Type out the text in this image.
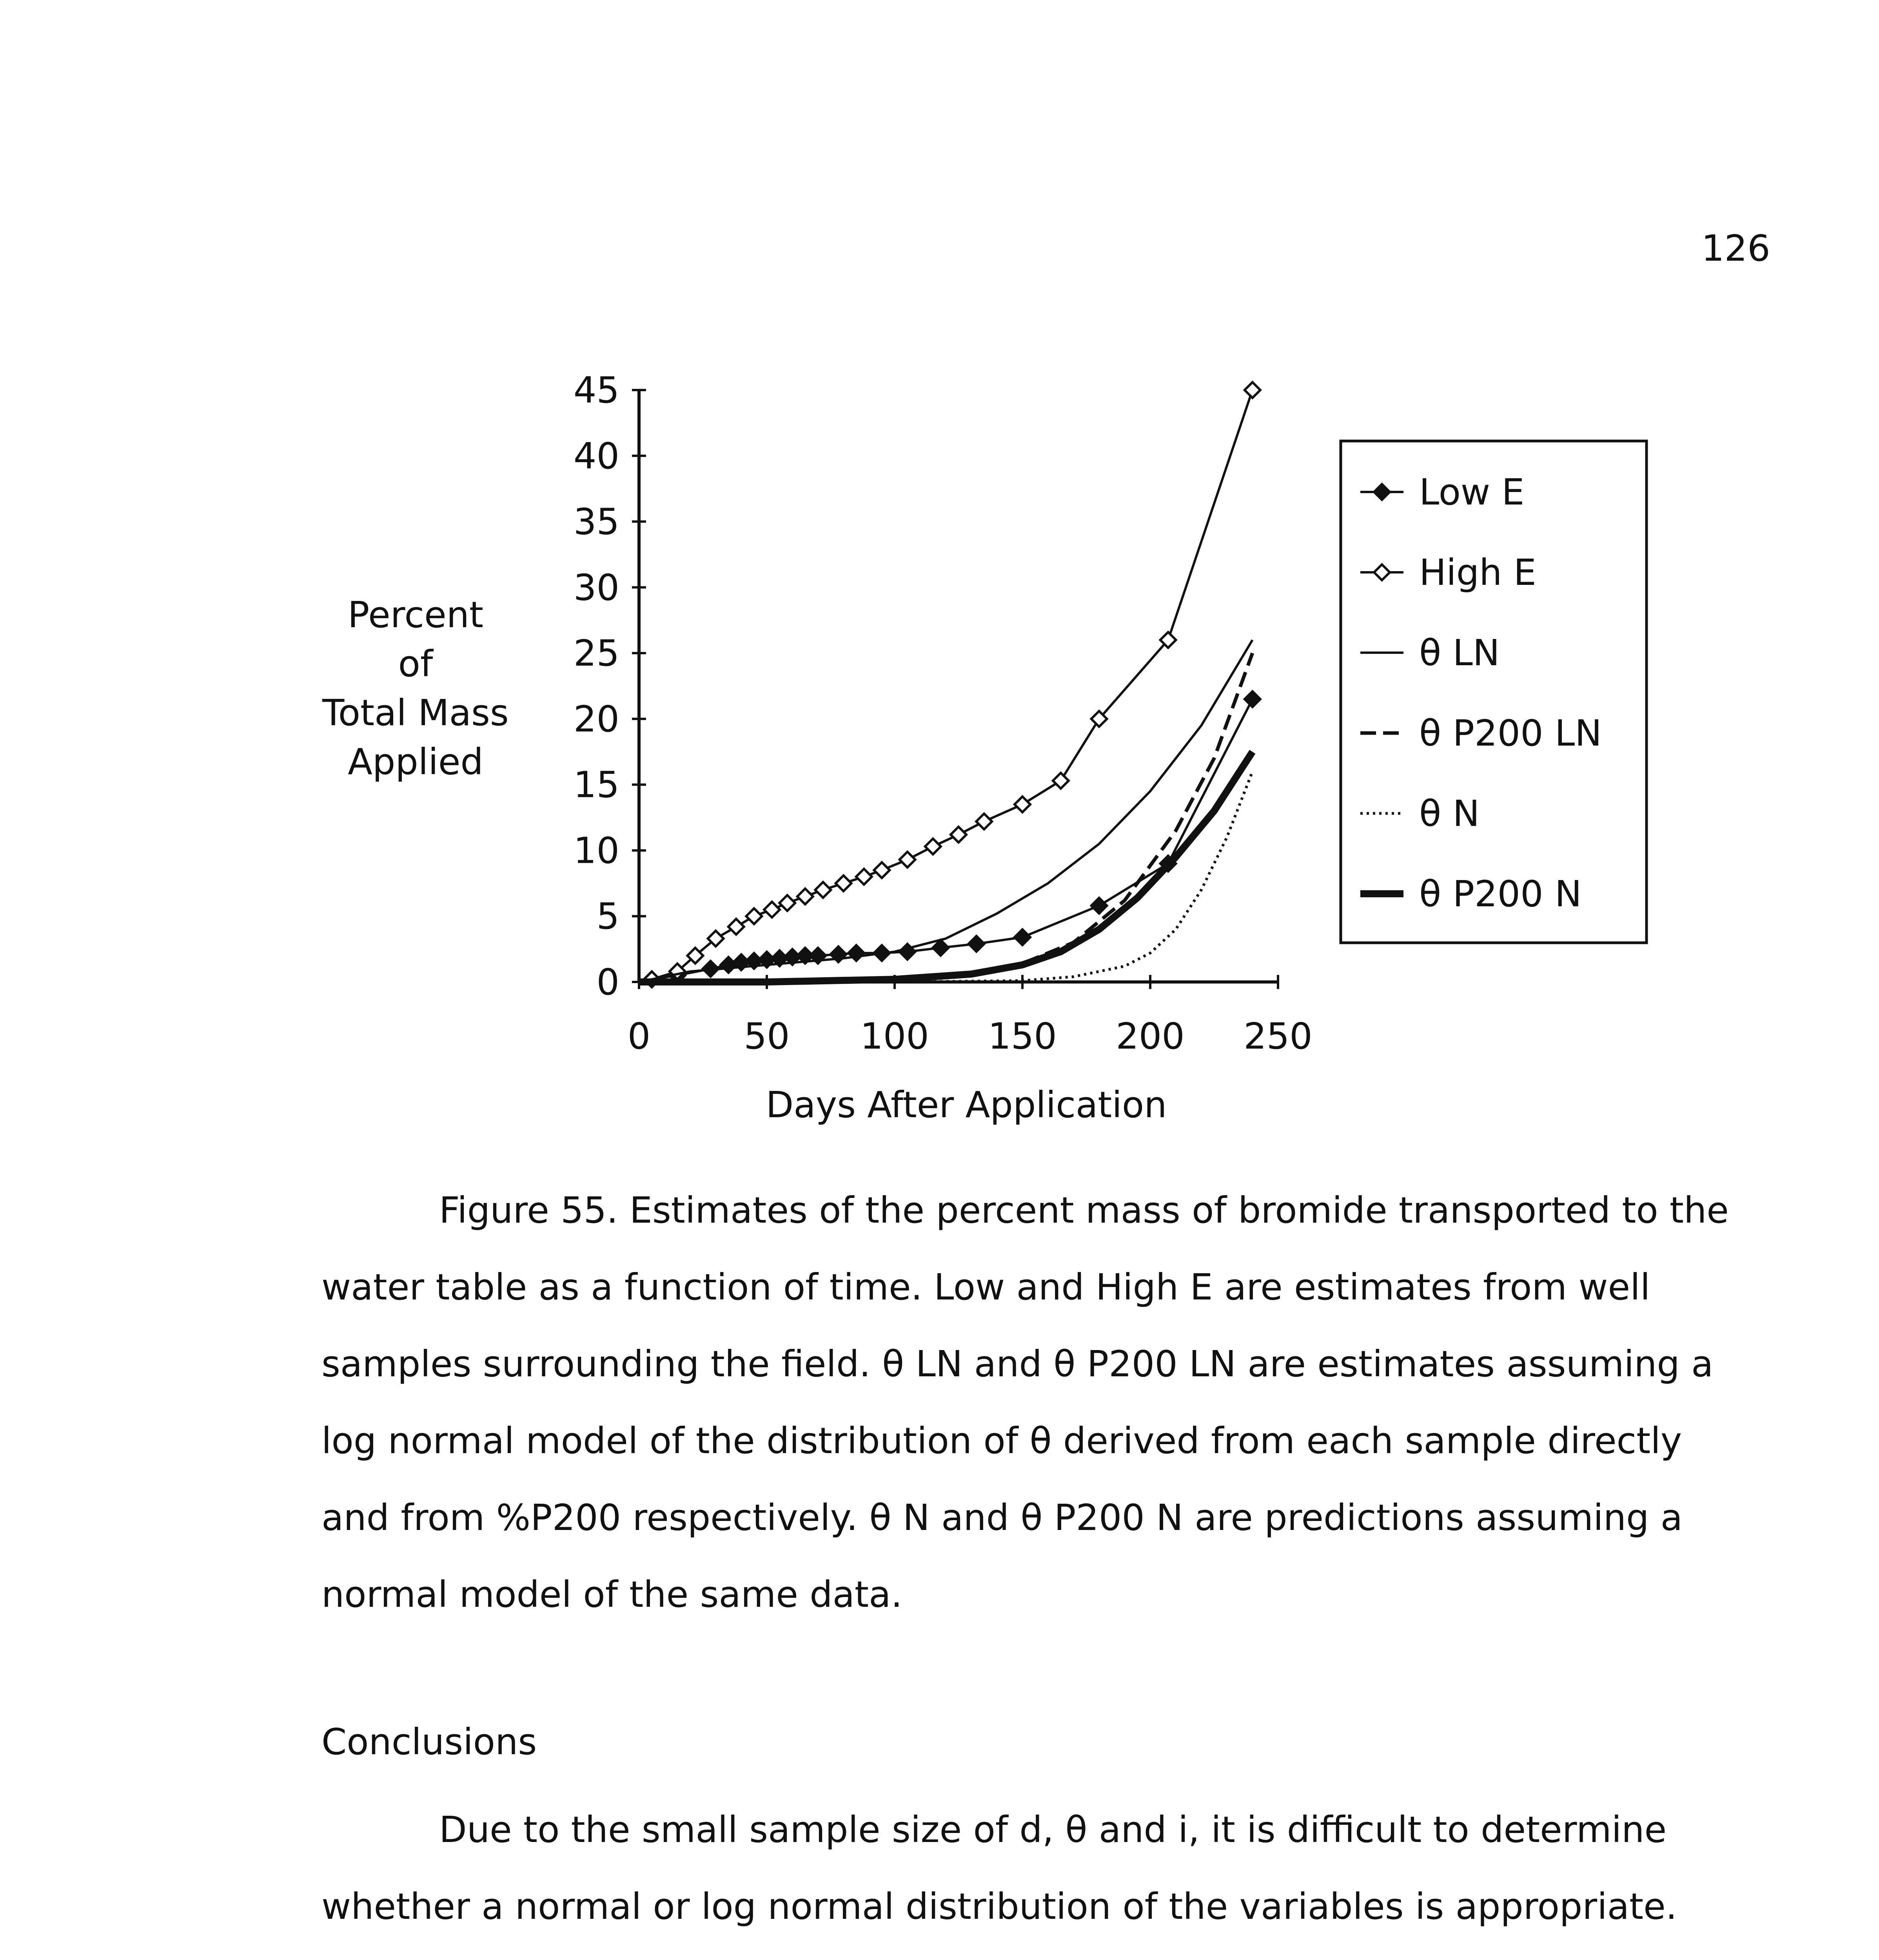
126
Percent
of
Total Mass
Applied
0
5
10
15
20
25
30
35
40
45
0	50 100 150 200 250
Days After Application
Low E
High E
θ LN
θ P200 LN
θ N
θ P200 N

Figure 55. Estimates of the percent mass of bromide transported to the water table as a function of time. Low and High E are estimates from well samples surrounding the field. θ LN and θ P200 LN are estimates assuming a log normal model of the distribution of θ derived from each sample directly and from %P200 respectively. θ N and θ P200 N are predictions assuming a normal model of the same data.

Conclusions

Due to the small sample size of d, θ and i, it is difficult to determine whether a normal or log normal distribution of the variables is appropriate.
